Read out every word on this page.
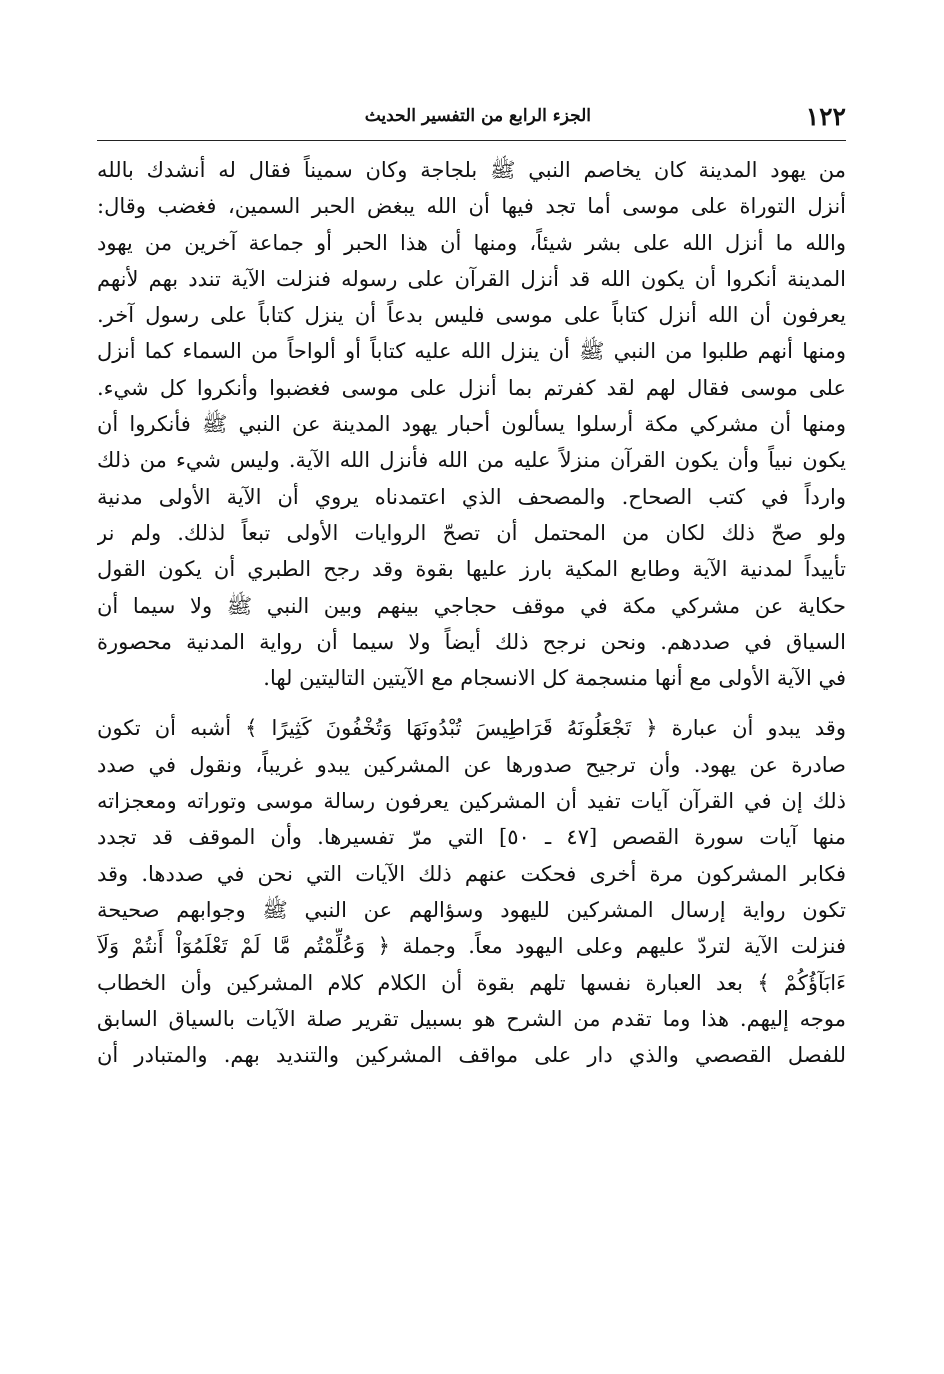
١٢٢
الجزء الرابع من التفسير الحديث
من يهود المدينة كان يخاصم النبي ﷺ بلجاجة وكان سميناً فقال له أنشدك بالله
أنزل التوراة على موسى أما تجد فيها أن الله يبغض الحبر السمين، فغضب وقال:
والله ما أنزل الله على بشر شيئاً، ومنها أن هذا الحبر أو جماعة آخرين من يهود
المدينة أنكروا أن يكون الله قد أنزل القرآن على رسوله فنزلت الآية تندد بهم لأنهم
يعرفون أن الله أنزل كتاباً على موسى فليس بدعاً أن ينزل كتاباً على رسول آخر.
ومنها أنهم طلبوا من النبي ﷺ أن ينزل الله عليه كتاباً أو ألواحاً من السماء كما أنزل
على موسى فقال لهم لقد كفرتم بما أنزل على موسى فغضبوا وأنكروا كل شيء.
ومنها أن مشركي مكة أرسلوا يسألون أحبار يهود المدينة عن النبي ﷺ فأنكروا أن
يكون نبياً وأن يكون القرآن منزلاً عليه من الله فأنزل الله الآية. وليس شيء من ذلك
وارداً في كتب الصحاح. والمصحف الذي اعتمدناه يروي أن الآية الأولى مدنية
ولو صحّ ذلك لكان من المحتمل أن تصحّ الروايات الأولى تبعاً لذلك. ولم نر
تأييداً لمدنية الآية وطابع المكية بارز عليها بقوة وقد رجح الطبري أن يكون القول
حكاية عن مشركي مكة في موقف حجاجي بينهم وبين النبي ﷺ ولا سيما أن
السياق في صددهم. ونحن نرجح ذلك أيضاً ولا سيما أن رواية المدنية محصورة
في الآية الأولى مع أنها منسجمة كل الانسجام مع الآيتين التاليتين لها.
وقد يبدو أن عبارة ﴿ تَجْعَلُونَهُ قَرَاطِيسَ تُبْدُونَهَا وَتُخْفُونَ كَثِيرًا ﴾ أشبه أن تكون
صادرة عن يهود. وأن ترجيح صدورها عن المشركين يبدو غريباً، ونقول في صدد
ذلك إن في القرآن آيات تفيد أن المشركين يعرفون رسالة موسى وتوراته ومعجزاته
منها آيات سورة القصص [٤٧ ـ ٥٠] التي مرّ تفسيرها. وأن الموقف قد تجدد
فكابر المشركون مرة أخرى فحكت عنهم ذلك الآيات التي نحن في صددها. وقد
تكون رواية إرسال المشركين لليهود وسؤالهم عن النبي ﷺ وجوابهم صحيحة
فنزلت الآية لتردّ عليهم وعلى اليهود معاً. وجملة ﴿ وَعُلِّمْتُم مَّا لَمْ تَعْلَمُوٓاْ أَنتُمْ وَلَآ
ءَابَآؤُكُمْ ﴾ بعد العبارة نفسها تلهم بقوة أن الكلام كلام المشركين وأن الخطاب
موجه إليهم. هذا وما تقدم من الشرح هو بسبيل تقرير صلة الآيات بالسياق السابق
للفصل القصصي والذي دار على مواقف المشركين والتنديد بهم. والمتبادر أن
